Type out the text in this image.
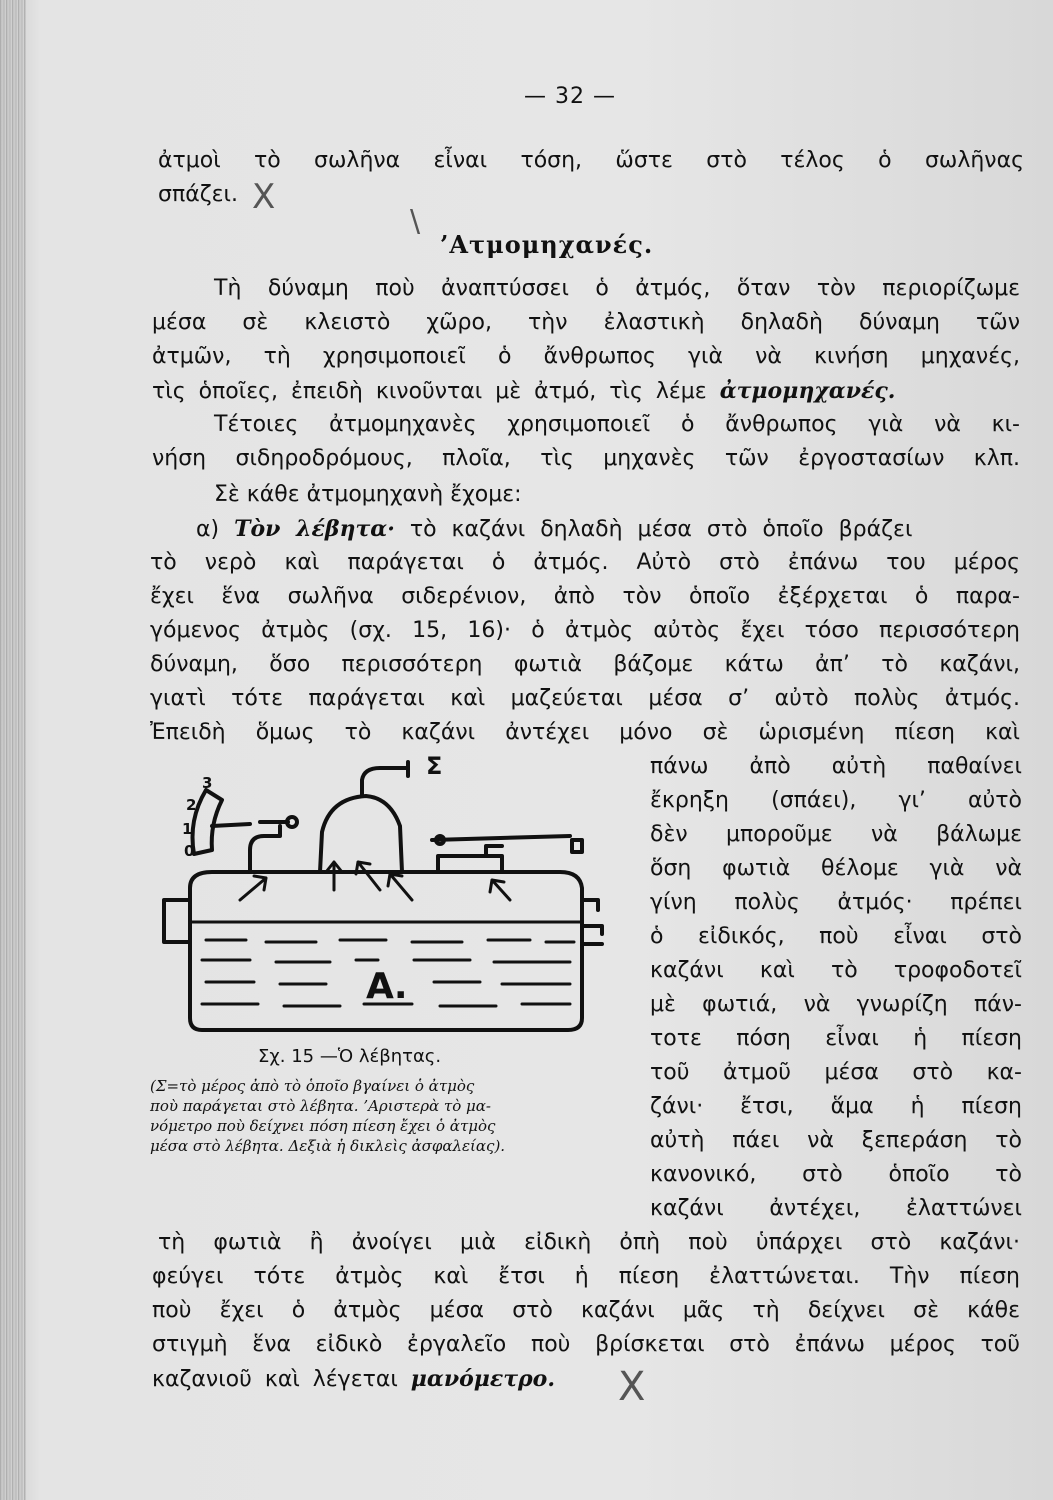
— 32 —
ἀτμοὶ τὸ σωλῆνα εἶναι τόση, ὥστε στὸ τέλος ὁ σωλῆνας
σπάζει. X
\
’Ατμομηχανές.
Τὴ δύναμη ποὺ ἀναπτύσσει ὁ ἀτμός, ὅταν τὸν περιορίζωμε
μέσα σὲ κλειστὸ χῶρο, τὴν ἐλαστικὴ δηλαδὴ δύναμη τῶν
ἀτμῶν, τὴ χρησιμοποιεῖ ὁ ἄνθρωπος γιὰ νὰ κινήση μηχανές,
τὶς ὁποῖες, ἐπειδὴ κινοῦνται μὲ ἀτμό, τὶς λέμε ἀτμομηχανές.
Τέτοιες ἀτμομηχανὲς χρησιμοποιεῖ ὁ ἄνθρωπος γιὰ νὰ κι-
νήση σιδηροδρόμους, πλοῖα, τὶς μηχανὲς τῶν ἐργοστασίων κλπ.
Σὲ κάθε ἀτμομηχανὴ ἔχομε:
α) Τὸν λέβητα· τὸ καζάνι δηλαδὴ μέσα στὸ ὁποῖο βράζει
τὸ νερὸ καὶ παράγεται ὁ ἀτμός. Αὐτὸ στὸ ἐπάνω του μέρος
ἔχει ἕνα σωλῆνα σιδερένιον, ἀπὸ τὸν ὁποῖο ἐξέρχεται ὁ παρα-
γόμενος ἀτμὸς (σχ. 15, 16)· ὁ ἀτμὸς αὐτὸς ἔχει τόσο περισσότερη
δύναμη, ὅσο περισσότερη φωτιὰ βάζομε κάτω ἀπ’ τὸ καζάνι,
γιατὶ τότε παράγεται καὶ μαζεύεται μέσα σ’ αὐτὸ πολὺς ἀτμός.
Ἐπειδὴ ὅμως τὸ καζάνι ἀντέχει μόνο σὲ ὡρισμένη πίεση καὶ
πάνω ἀπὸ αὐτὴ παθαίνει
ἔκρηξη (σπάει), γι’ αὐτὸ
δὲν μποροῦμε νὰ βάλωμε
ὅση φωτιὰ θέλομε γιὰ νὰ
γίνη πολὺς ἀτμός· πρέπει
ὁ εἰδικός, ποὺ εἶναι στὸ
καζάνι καὶ τὸ τροφοδοτεῖ
μὲ φωτιά, νὰ γνωρίζη πάν-
τοτε πόση εἶναι ἡ πίεση
τοῦ ἀτμοῦ μέσα στὸ κα-
ζάνι· ἔτσι, ἅμα ἡ πίεση
αὐτὴ πάει νὰ ξεπεράση τὸ
κανονικό, στὸ ὁποῖο τὸ
καζάνι ἀντέχει, ἐλαττώνει
Σ
Α.
3
2
1
0
Σχ. 15 —Ὁ λέβητας.
(Σ=τὸ μέρος ἀπὸ τὸ ὁποῖο βγαίνει ὁ ἀτμὸς
ποὺ παράγεται στὸ λέβητα. ’Αριστερὰ τὸ μα-
νόμετρο ποὺ δείχνει πόση πίεση ἔχει ὁ ἀτμὸς
μέσα στὸ λέβητα. Δεξιὰ ἡ δικλεὶς ἀσφαλείας).
τὴ φωτιὰ ἢ ἀνοίγει μιὰ εἰδικὴ ὀπὴ ποὺ ὑπάρχει στὸ καζάνι·
φεύγει τότε ἀτμὸς καὶ ἔτσι ἡ πίεση ἐλαττώνεται. Τὴν πίεση
ποὺ ἔχει ὁ ἀτμὸς μέσα στὸ καζάνι μᾶς τὴ δείχνει σὲ κάθε
στιγμὴ ἕνα εἰδικὸ ἐργαλεῖο ποὺ βρίσκεται στὸ ἐπάνω μέρος τοῦ
καζανιοῦ καὶ λέγεται μανόμετρο. X
